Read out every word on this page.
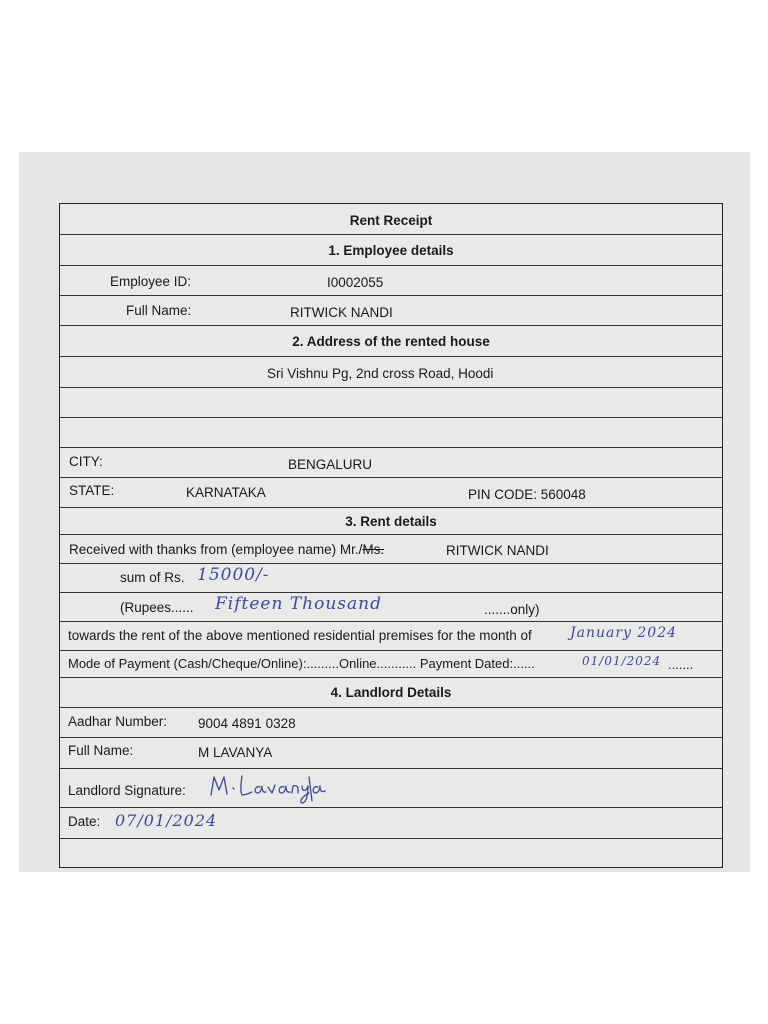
Rent Receipt
1. Employee details
Employee ID:	I0002055
Full Name:	RITWICK NANDI
2. Address of the rented house
Sri Vishnu Pg, 2nd cross Road, Hoodi
CITY:	BENGALURU
STATE:	KARNATAKA	PIN CODE: 560048
3. Rent details
Received with thanks from (employee name) Mr./Ms.	RITWICK NANDI
sum of Rs. 15000/-
(Rupees...... Fifteen Thousand	.......only)
towards the rent of the above mentioned residential premises for the month of	January 2024
Mode of Payment (Cash/Cheque/Online):.........Online........... Payment Dated:......	01/01/2024 .......
4. Landlord Details
Aadhar Number: 9004 4891 0328
Full Name:	M LAVANYA
Landlord Signature:
Date: 07/01/2024
